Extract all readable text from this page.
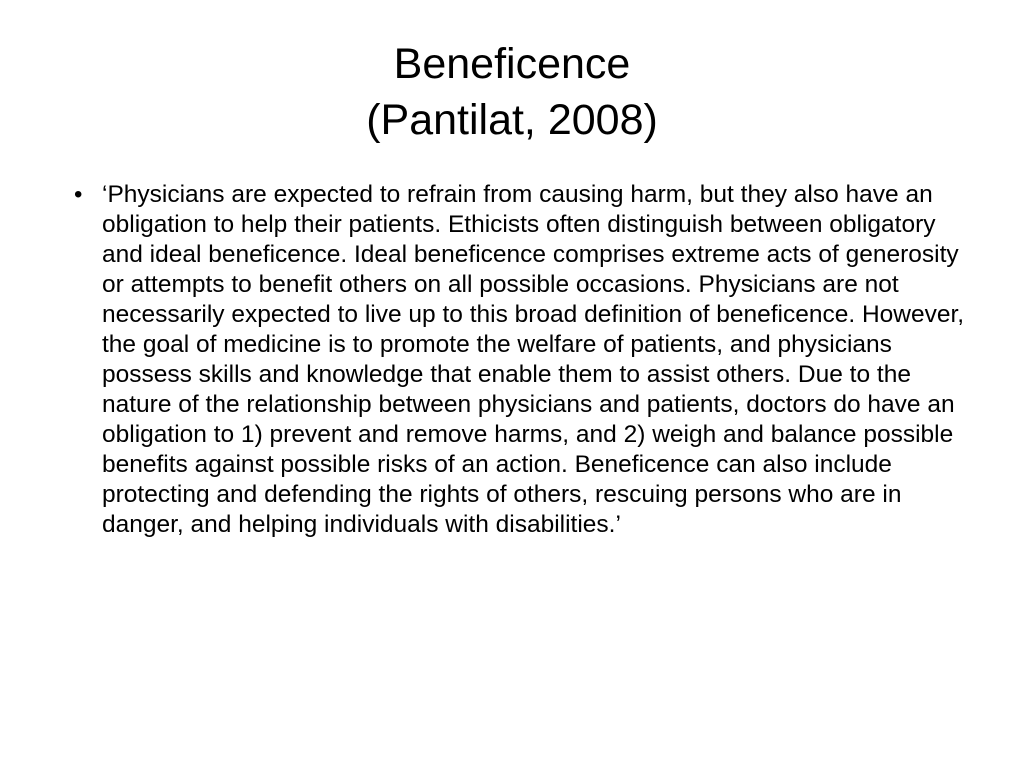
Beneficence
(Pantilat, 2008)
• ‘Physicians are expected to refrain from causing harm, but they also have an obligation to help their patients. Ethicists often distinguish between obligatory and ideal beneficence. Ideal beneficence comprises extreme acts of generosity or attempts to benefit others on all possible occasions. Physicians are not necessarily expected to live up to this broad definition of beneficence. However, the goal of medicine is to promote the welfare of patients, and physicians possess skills and knowledge that enable them to assist others. Due to the nature of the relationship between physicians and patients, doctors do have an obligation to 1) prevent and remove harms, and 2) weigh and balance possible benefits against possible risks of an action. Beneficence can also include protecting and defending the rights of others, rescuing persons who are in danger, and helping individuals with disabilities.’
